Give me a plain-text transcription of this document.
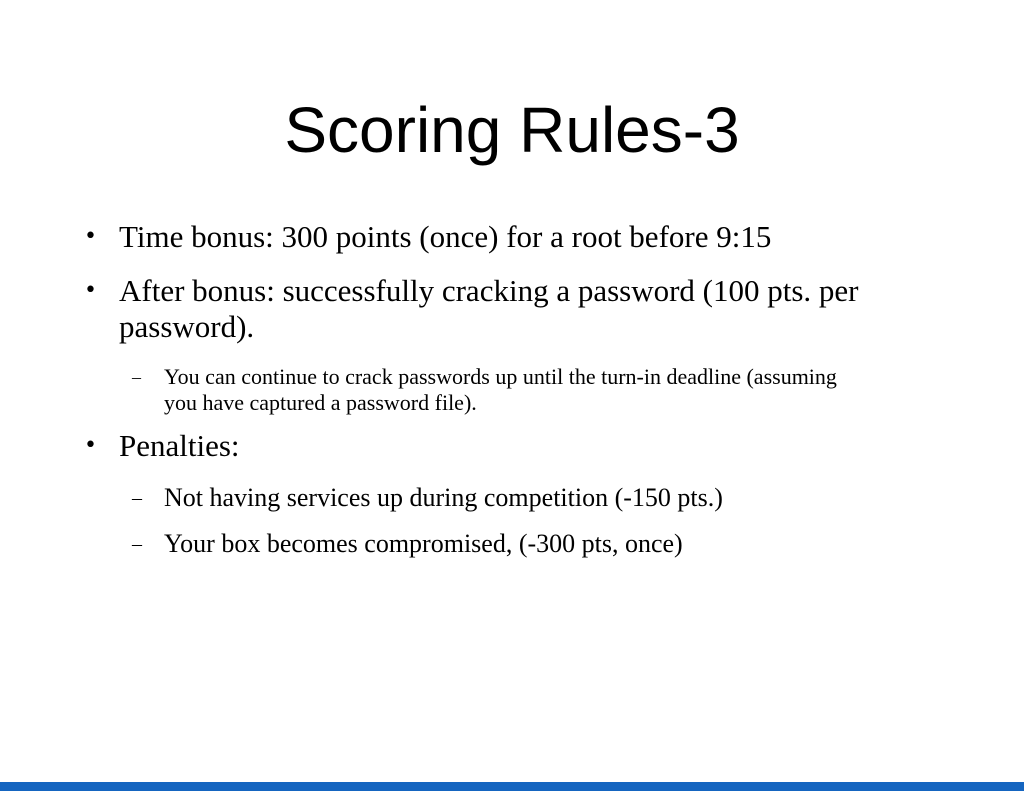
Scoring Rules-3
• Time bonus: 300 points (once) for a root before 9:15
• After bonus: successfully cracking a password (100 pts. per password).
–	You can continue to crack passwords up until the turn-in deadline (assuming you have captured a password file).
• Penalties:
– Not having services up during competition (-150 pts.)
– Your box becomes compromised, (-300 pts, once)
